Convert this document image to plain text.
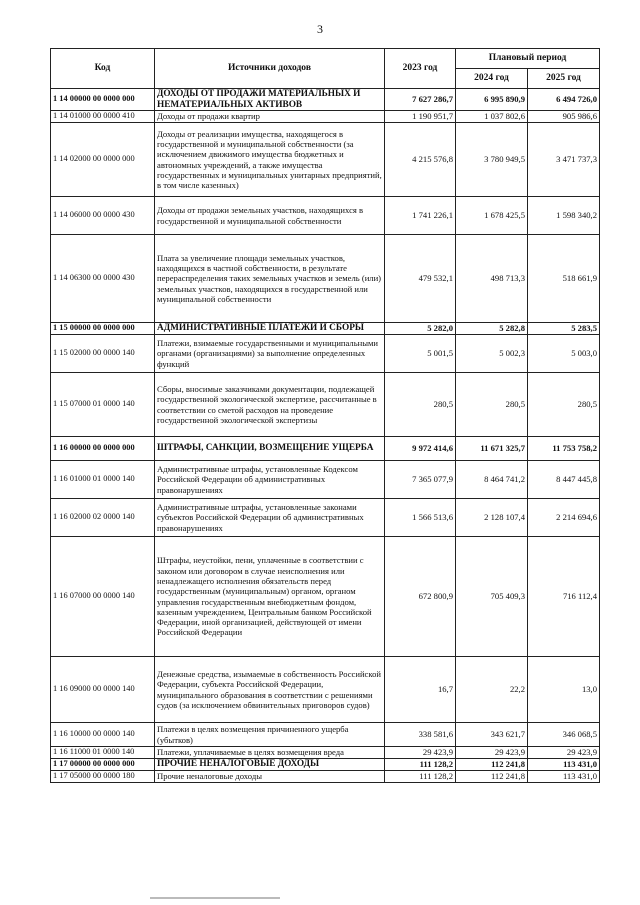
3
Код	Источники доходов	2023 год	Плановый период	
			2024 год	2025 год
1 14 00000 00 0000 000	ДОХОДЫ ОТ ПРОДАЖИ МАТЕРИАЛЬНЫХ И НЕМАТЕРИАЛЬНЫХ АКТИВОВ	7 627 286,7	6 995 890,9	6 494 726,0
1 14 01000 00 0000 410	Доходы от продажи квартир	1 190 951,7	1 037 802,6	905 986,6
1 14 02000 00 0000 000	Доходы от реализации имущества, находящегося в государственной и муниципальной собственности (за исключением движимого имущества бюджетных и автономных учреждений, а также имущества государственных и муниципальных унитарных предприятий, в том числе казенных)	4 215 576,8	3 780 949,5	3 471 737,3
1 14 06000 00 0000 430	Доходы от продажи земельных участков, находящихся в государственной и муниципальной собственности	1 741 226,1	1 678 425,5	1 598 340,2
1 14 06300 00 0000 430	Плата за увеличение площади земельных участков, находящихся в частной собственности, в результате перераспределения таких земельных участков и земель (или) земельных участков, находящихся в государственной или муниципальной собственности	479 532,1	498 713,3	518 661,9
1 15 00000 00 0000 000	АДМИНИСТРАТИВНЫЕ ПЛАТЕЖИ И СБОРЫ	5 282,0	5 282,8	5 283,5
1 15 02000 00 0000 140	Платежи, взимаемые государственными и муниципальными органами (организациями) за выполнение определенных функций	5 001,5	5 002,3	5 003,0
1 15 07000 01 0000 140	Сборы, вносимые заказчиками документации, подлежащей государственной экологической экспертизе, рассчитанные в соответствии со сметой расходов на проведение государственной экологической экспертизы	280,5	280,5	280,5
1 16 00000 00 0000 000	ШТРАФЫ, САНКЦИИ, ВОЗМЕЩЕНИЕ УЩЕРБА	9 972 414,6	11 671 325,7	11 753 758,2
1 16 01000 01 0000 140	Административные штрафы, установленные Кодексом Российской Федерации об административных правонарушениях	7 365 077,9	8 464 741,2	8 447 445,8
1 16 02000 02 0000 140	Административные штрафы, установленные законами субъектов Российской Федерации об административных правонарушениях	1 566 513,6	2 128 107,4	2 214 694,6
1 16 07000 00 0000 140	Штрафы, неустойки, пени, уплаченные в соответствии с законом или договором в случае неисполнения или ненадлежащего исполнения обязательств перед государственным (муниципальным) органом, органом управления государственным внебюджетным фондом, казенным учреждением, Центральным банком Российской Федерации, иной организацией, действующей от имени Российской Федерации	672 800,9	705 409,3	716 112,4
1 16 09000 00 0000 140	Денежные средства, изымаемые в собственность Российской Федерации, субъекта Российской Федерации, муниципального образования в соответствии с решениями судов (за исключением обвинительных приговоров судов)	16,7	22,2	13,0
1 16 10000 00 0000 140	Платежи в целях возмещения причиненного ущерба (убытков)	338 581,6	343 621,7	346 068,5
1 16 11000 01 0000 140	Платежи, уплачиваемые в целях возмещения вреда	29 423,9	29 423,9	29 423,9
1 17 00000 00 0000 000	ПРОЧИЕ НЕНАЛОГОВЫЕ ДОХОДЫ	111 128,2	112 241,8	113 431,0
1 17 05000 00 0000 180	Прочие неналоговые доходы	111 128,2	112 241,8	113 431,0
